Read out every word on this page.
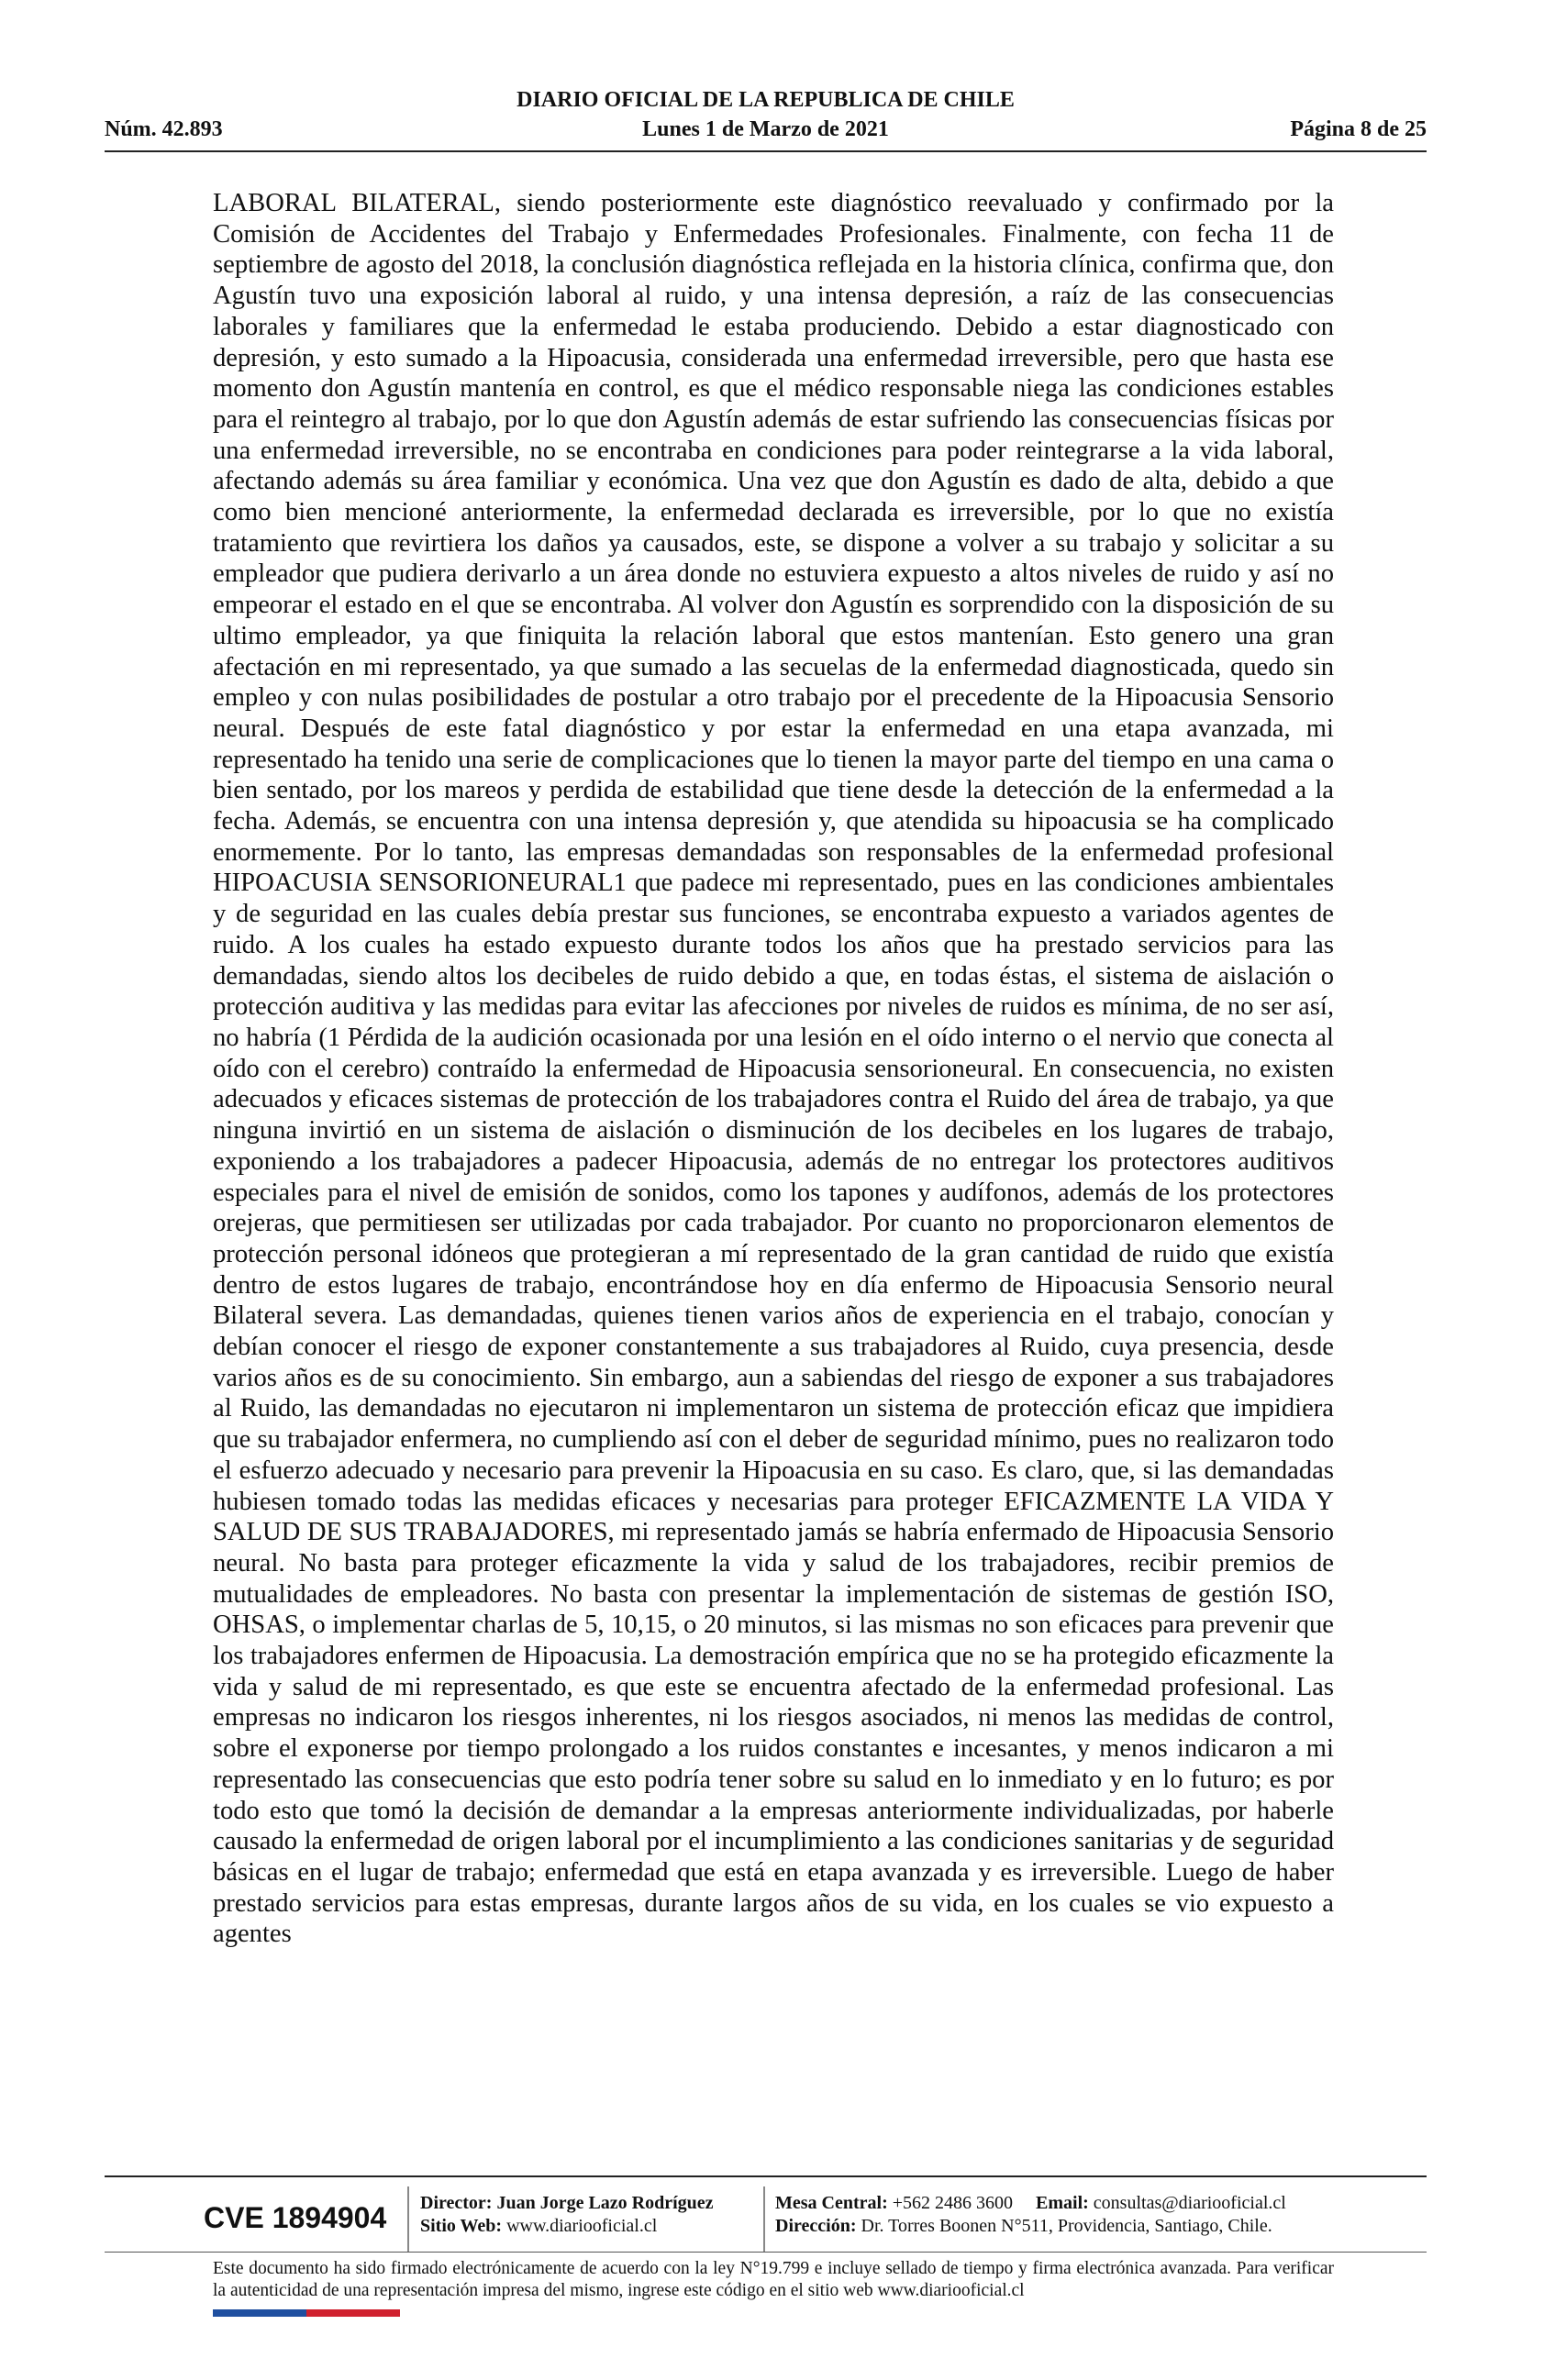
DIARIO OFICIAL DE LA REPUBLICA DE CHILE
Núm. 42.893	Lunes 1 de Marzo de 2021	Página 8 de 25

LABORAL BILATERAL, siendo posteriormente este diagnóstico reevaluado y confirmado por la Comisión de Accidentes del Trabajo y Enfermedades Profesionales. Finalmente, con fecha 11 de septiembre de agosto del 2018, la conclusión diagnóstica reflejada en la historia clínica, confirma que, don Agustín tuvo una exposición laboral al ruido, y una intensa depresión, a raíz de las consecuencias laborales y familiares que la enfermedad le estaba produciendo. Debido a estar diagnosticado con depresión, y esto sumado a la Hipoacusia, considerada una enfermedad irreversible, pero que hasta ese momento don Agustín mantenía en control, es que el médico responsable niega las condiciones estables para el reintegro al trabajo, por lo que don Agustín además de estar sufriendo las consecuencias físicas por una enfermedad irreversible, no se encontraba en condiciones para poder reintegrarse a la vida laboral, afectando además su área familiar y económica. Una vez que don Agustín es dado de alta, debido a que como bien mencioné anteriormente, la enfermedad declarada es irreversible, por lo que no existía tratamiento que revirtiera los daños ya causados, este, se dispone a volver a su trabajo y solicitar a su empleador que pudiera derivarlo a un área donde no estuviera expuesto a altos niveles de ruido y así no empeorar el estado en el que se encontraba. Al volver don Agustín es sorprendido con la disposición de su ultimo empleador, ya que finiquita la relación laboral que estos mantenían. Esto genero una gran afectación en mi representado, ya que sumado a las secuelas de la enfermedad diagnosticada, quedo sin empleo y con nulas posibilidades de postular a otro trabajo por el precedente de la Hipoacusia Sensorio neural. Después de este fatal diagnóstico y por estar la enfermedad en una etapa avanzada, mi representado ha tenido una serie de complicaciones que lo tienen la mayor parte del tiempo en una cama o bien sentado, por los mareos y perdida de estabilidad que tiene desde la detección de la enfermedad a la fecha. Además, se encuentra con una intensa depresión y, que atendida su hipoacusia se ha complicado enormemente. Por lo tanto, las empresas demandadas son responsables de la enfermedad profesional HIPOACUSIA SENSORIONEURAL1 que padece mi representado, pues en las condiciones ambientales y de seguridad en las cuales debía prestar sus funciones, se encontraba expuesto a variados agentes de ruido. A los cuales ha estado expuesto durante todos los años que ha prestado servicios para las demandadas, siendo altos los decibeles de ruido debido a que, en todas éstas, el sistema de aislación o protección auditiva y las medidas para evitar las afecciones por niveles de ruidos es mínima, de no ser así, no habría (1 Pérdida de la audición ocasionada por una lesión en el oído interno o el nervio que conecta al oído con el cerebro) contraído la enfermedad de Hipoacusia sensorioneural. En consecuencia, no existen adecuados y eficaces sistemas de protección de los trabajadores contra el Ruido del área de trabajo, ya que ninguna invirtió en un sistema de aislación o disminución de los decibeles en los lugares de trabajo, exponiendo a los trabajadores a padecer Hipoacusia, además de no entregar los protectores auditivos especiales para el nivel de emisión de sonidos, como los tapones y audífonos, además de los protectores orejeras, que permitiesen ser utilizadas por cada trabajador. Por cuanto no proporcionaron elementos de protección personal idóneos que protegieran a mí representado de la gran cantidad de ruido que existía dentro de estos lugares de trabajo, encontrándose hoy en día enfermo de Hipoacusia Sensorio neural Bilateral severa. Las demandadas, quienes tienen varios años de experiencia en el trabajo, conocían y debían conocer el riesgo de exponer constantemente a sus trabajadores al Ruido, cuya presencia, desde varios años es de su conocimiento. Sin embargo, aun a sabiendas del riesgo de exponer a sus trabajadores al Ruido, las demandadas no ejecutaron ni implementaron un sistema de protección eficaz que impidiera que su trabajador enfermera, no cumpliendo así con el deber de seguridad mínimo, pues no realizaron todo el esfuerzo adecuado y necesario para prevenir la Hipoacusia en su caso. Es claro, que, si las demandadas hubiesen tomado todas las medidas eficaces y necesarias para proteger EFICAZMENTE LA VIDA Y SALUD DE SUS TRABAJADORES, mi representado jamás se habría enfermado de Hipoacusia Sensorio neural. No basta para proteger eficazmente la vida y salud de los trabajadores, recibir premios de mutualidades de empleadores. No basta con presentar la implementación de sistemas de gestión ISO, OHSAS, o implementar charlas de 5, 10,15, o 20 minutos, si las mismas no son eficaces para prevenir que los trabajadores enfermen de Hipoacusia. La demostración empírica que no se ha protegido eficazmente la vida y salud de mi representado, es que este se encuentra afectado de la enfermedad profesional. Las empresas no indicaron los riesgos inherentes, ni los riesgos asociados, ni menos las medidas de control, sobre el exponerse por tiempo prolongado a los ruidos constantes e incesantes, y menos indicaron a mi representado las consecuencias que esto podría tener sobre su salud en lo inmediato y en lo futuro; es por todo esto que tomó la decisión de demandar a la empresas anteriormente individualizadas, por haberle causado la enfermedad de origen laboral por el incumplimiento a las condiciones sanitarias y de seguridad básicas en el lugar de trabajo; enfermedad que está en etapa avanzada y es irreversible. Luego de haber prestado servicios para estas empresas, durante largos años de su vida, en los cuales se vio expuesto a agentes

CVE 1894904 Director: Juan Jorge Lazo Rodríguez
Sitio Web: www.diariooficial.cl
Mesa Central: +562 2486 3600 Email: consultas@diariooficial.cl
Dirección: Dr. Torres Boonen N°511, Providencia, Santiago, Chile.

Este documento ha sido firmado electrónicamente de acuerdo con la ley N°19.799 e incluye sellado de tiempo y firma electrónica avanzada. Para verificar la autenticidad de una representación impresa del mismo, ingrese este código en el sitio web www.diariooficial.cl
